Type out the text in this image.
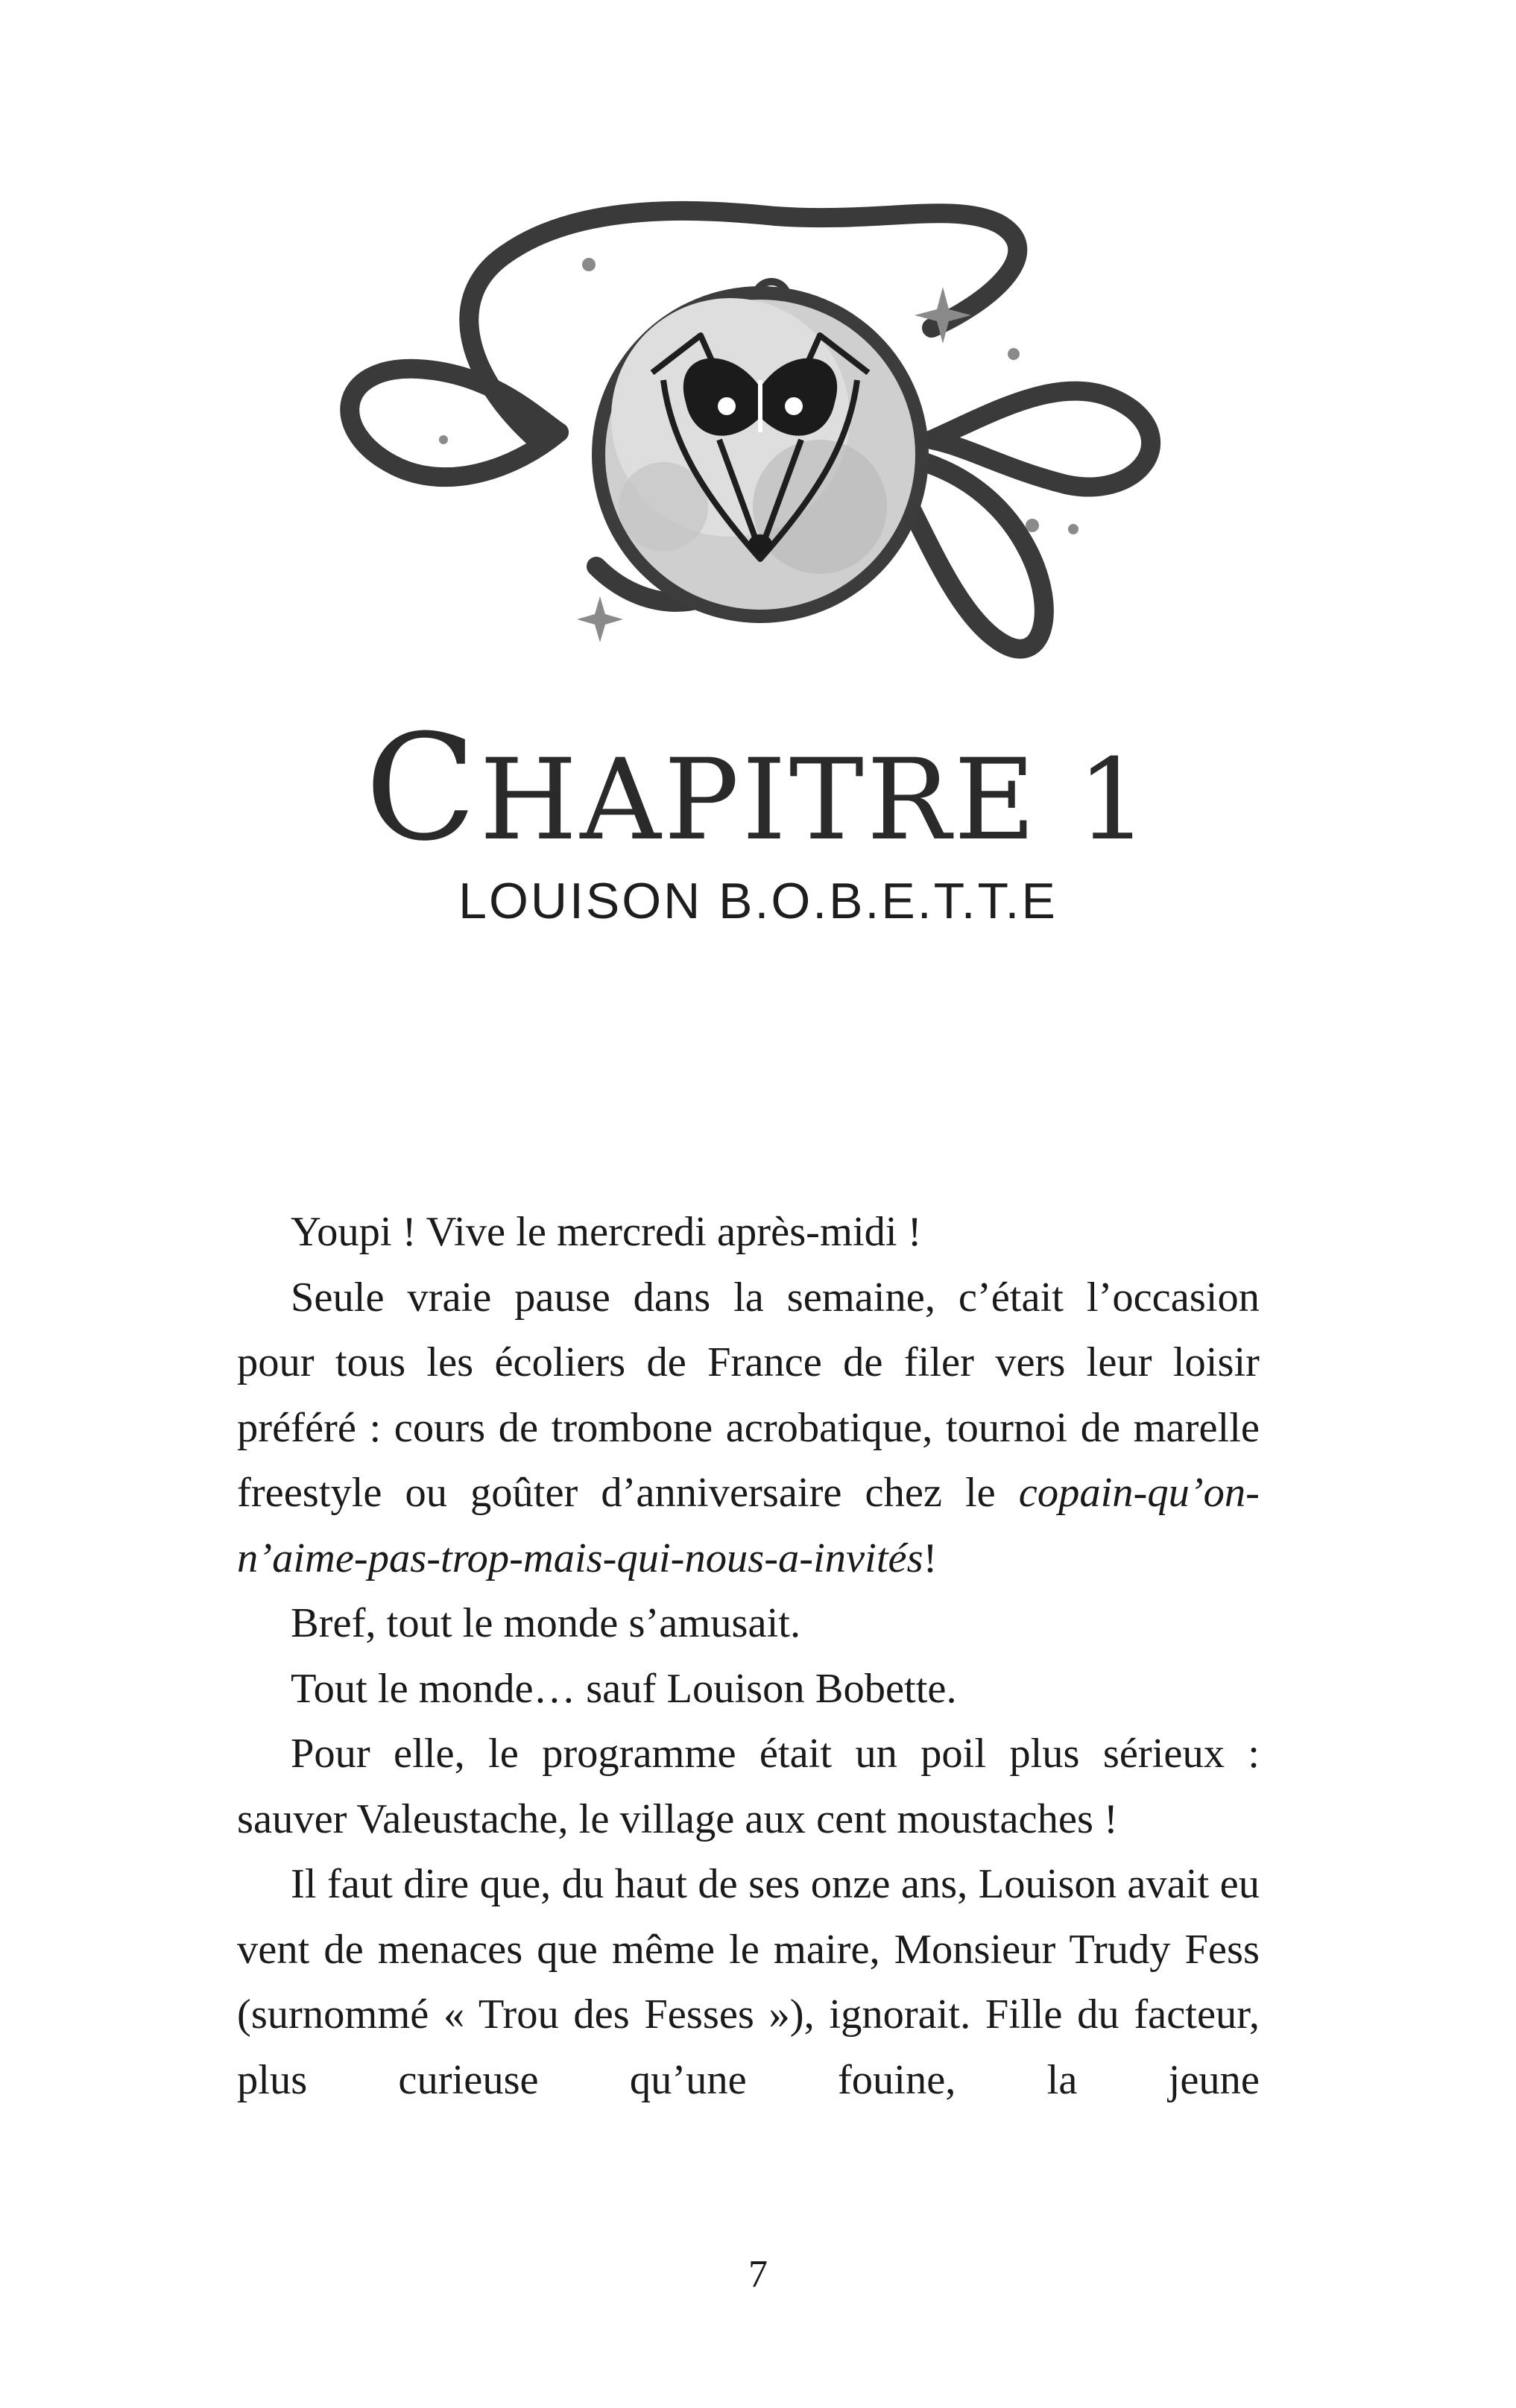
CHAPITRE 1
LOUISON B.O.B.E.T.T.E

Youpi ! Vive le mercredi après-midi !

Seule vraie pause dans la semaine, c’était l’occasion pour tous les écoliers de France de filer vers leur loisir préféré : cours de trombone acrobatique, tournoi de marelle freestyle ou goûter d’anniversaire chez le copain-qu’on-n’aime-pas-trop-mais-qui-nous-a-invités!

Bref, tout le monde s’amusait.

Tout le monde… sauf Louison Bobette.

Pour elle, le programme était un poil plus sérieux : sauver Valeustache, le village aux cent moustaches !

Il faut dire que, du haut de ses onze ans, Louison avait eu vent de menaces que même le maire, Monsieur Trudy Fess (surnommé « Trou des Fesses »), ignorait. Fille du facteur, plus curieuse qu’une fouine, la jeune

7
